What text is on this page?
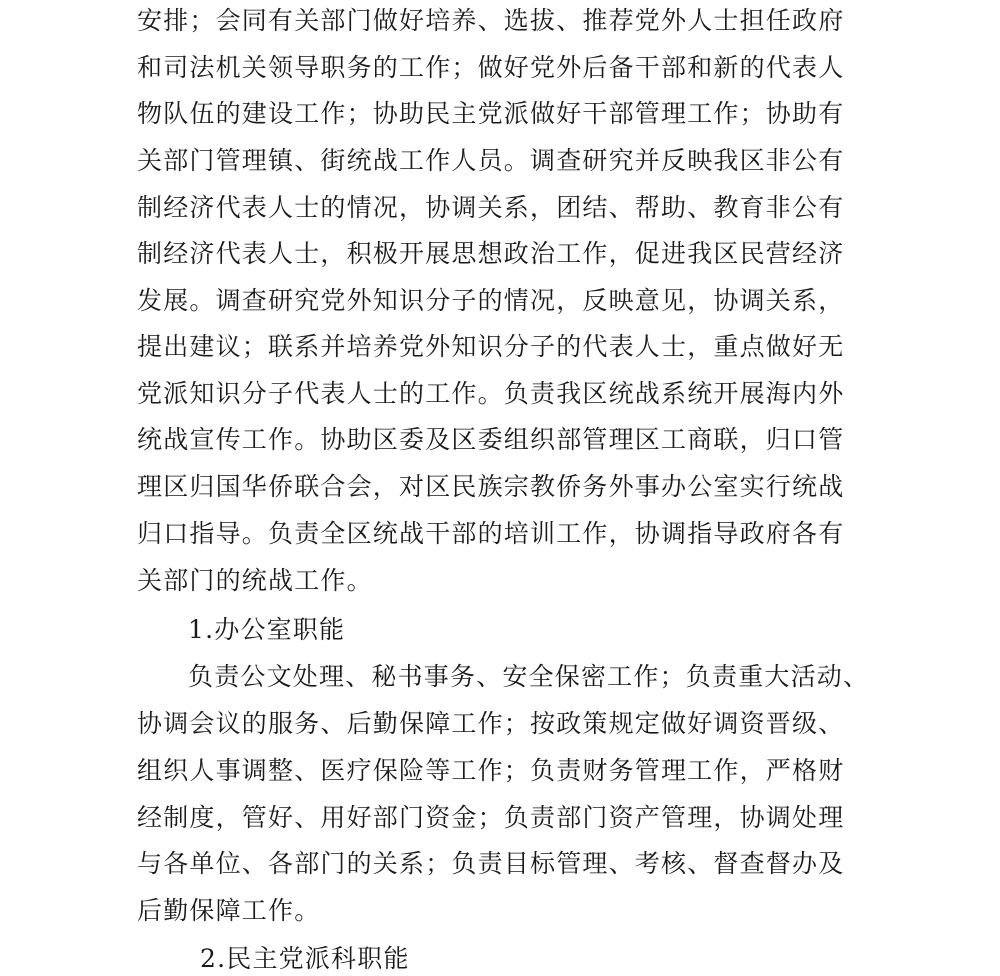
安排；会同有关部门做好培养、选拔、推荐党外人士担任政府
和司法机关领导职务的工作；做好党外后备干部和新的代表人
物队伍的建设工作；协助民主党派做好干部管理工作；协助有
关部门管理镇、街统战工作人员。调查研究并反映我区非公有
制经济代表人士的情况，协调关系，团结、帮助、教育非公有
制经济代表人士，积极开展思想政治工作，促进我区民营经济
发展。调查研究党外知识分子的情况，反映意见，协调关系，
提出建议；联系并培养党外知识分子的代表人士，重点做好无
党派知识分子代表人士的工作。负责我区统战系统开展海内外
统战宣传工作。协助区委及区委组织部管理区工商联，归口管
理区归国华侨联合会，对区民族宗教侨务外事办公室实行统战
归口指导。负责全区统战干部的培训工作，协调指导政府各有
关部门的统战工作。
1.办公室职能
负责公文处理、秘书事务、安全保密工作；负责重大活动、
协调会议的服务、后勤保障工作；按政策规定做好调资晋级、
组织人事调整、医疗保险等工作；负责财务管理工作，严格财
经制度，管好、用好部门资金；负责部门资产管理，协调处理
与各单位、各部门的关系；负责目标管理、考核、督查督办及
后勤保障工作。
2.民主党派科职能
